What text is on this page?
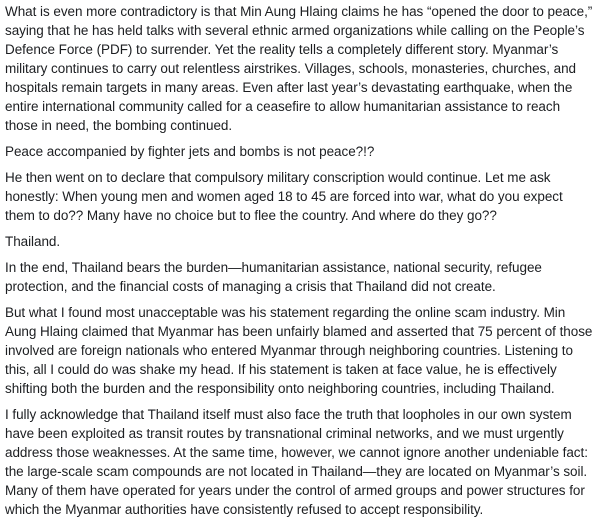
What is even more contradictory is that Min Aung Hlaing claims he has “opened the door to peace,” saying that he has held talks with several ethnic armed organizations while calling on the People’s Defence Force (PDF) to surrender. Yet the reality tells a completely different story. Myanmar’s military continues to carry out relentless airstrikes. Villages, schools, monasteries, churches, and hospitals remain targets in many areas. Even after last year’s devastating earthquake, when the entire international community called for a ceasefire to allow humanitarian assistance to reach those in need, the bombing continued.

Peace accompanied by fighter jets and bombs is not peace?!?

He then went on to declare that compulsory military conscription would continue. Let me ask honestly: When young men and women aged 18 to 45 are forced into war, what do you expect them to do?? Many have no choice but to flee the country. And where do they go??

Thailand.

In the end, Thailand bears the burden—humanitarian assistance, national security, refugee protection, and the financial costs of managing a crisis that Thailand did not create.

But what I found most unacceptable was his statement regarding the online scam industry. Min Aung Hlaing claimed that Myanmar has been unfairly blamed and asserted that 75 percent of those involved are foreign nationals who entered Myanmar through neighboring countries. Listening to this, all I could do was shake my head. If his statement is taken at face value, he is effectively shifting both the burden and the responsibility onto neighboring countries, including Thailand.

I fully acknowledge that Thailand itself must also face the truth that loopholes in our own system have been exploited as transit routes by transnational criminal networks, and we must urgently address those weaknesses. At the same time, however, we cannot ignore another undeniable fact: the large-scale scam compounds are not located in Thailand—they are located on Myanmar’s soil. Many of them have operated for years under the control of armed groups and power structures for which the Myanmar authorities have consistently refused to accept responsibility.
